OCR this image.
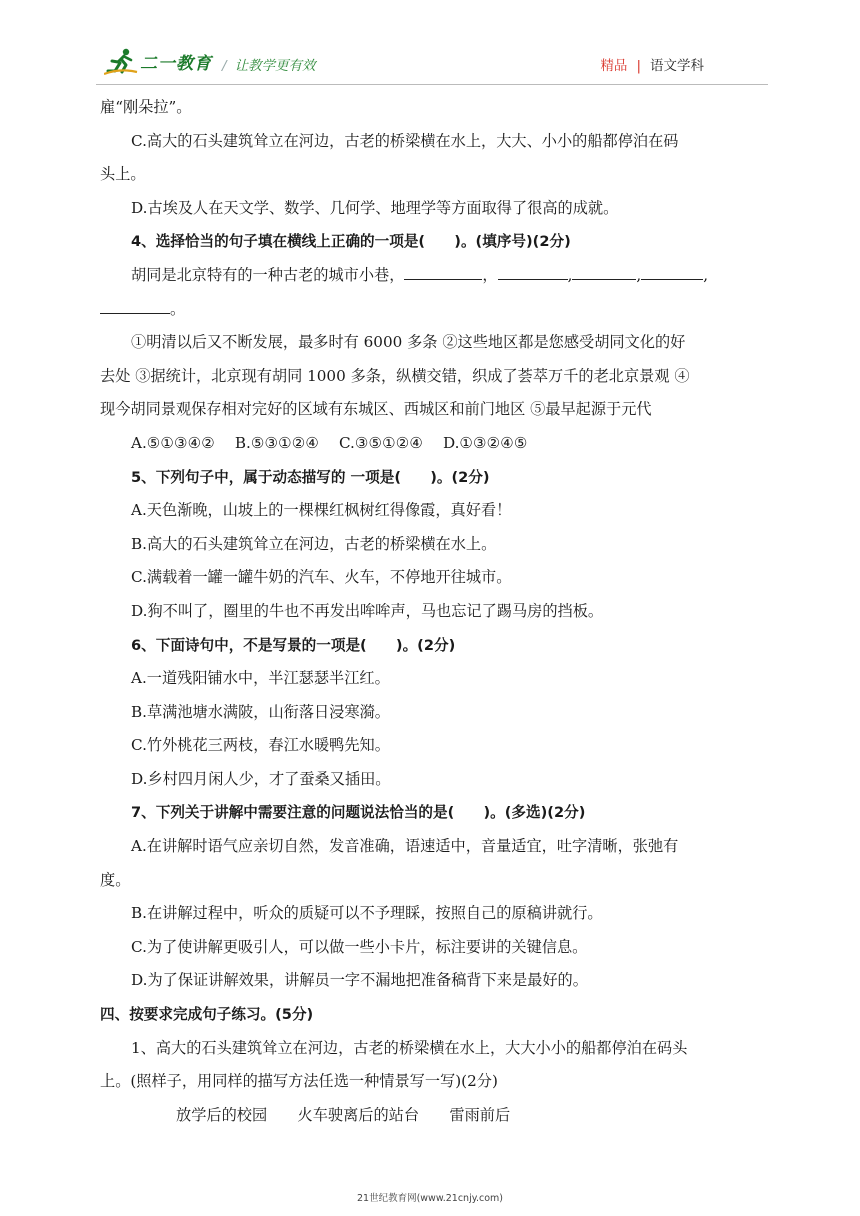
二一教育 / 让教学更有效	精品 | 语文学科
雇“刚朵拉”。
C.高大的石头建筑耸立在河边，古老的桥梁横在水上，大大、小小的船都停泊在码
头上。
D.古埃及人在天文学、数学、几何学、地理学等方面取得了很高的成就。
4、选择恰当的句子填在横线上正确的一项是(　　)。(填序号)(2分)
胡同是北京特有的一种古老的城市小巷，	，	,	,	,
。
①明清以后又不断发展，最多时有 6000 多条 ②这些地区都是您感受胡同文化的好
去处 ③据统计，北京现有胡同 1000 多条，纵横交错，织成了荟萃万千的老北京景观 ④
现今胡同景观保存相对完好的区域有东城区、西城区和前门地区 ⑤最早起源于元代
A.⑤①③④②　 B.⑤③①②④　 C.③⑤①②④　 D.①③②④⑤
5、下列句子中，属于动态描写的 一项是(　　)。(2分)
A.天色渐晚，山坡上的一棵棵红枫树红得像霞，真好看！
B.高大的石头建筑耸立在河边，古老的桥梁横在水上。
C.满载着一罐一罐牛奶的汽车、火车，不停地开往城市。
D.狗不叫了，圈里的牛也不再发出哞哞声，马也忘记了踢马房的挡板。
6、下面诗句中，不是写景的一项是(　　)。(2分)
A.一道残阳铺水中，半江瑟瑟半江红。
B.草满池塘水满陂，山衔落日浸寒漪。
C.竹外桃花三两枝，春江水暖鸭先知。
D.乡村四月闲人少，才了蚕桑又插田。
7、下列关于讲解中需要注意的问题说法恰当的是(　　)。(多选)(2分)
A.在讲解时语气应亲切自然，发音准确，语速适中，音量适宜，吐字清晰，张弛有
度。
B.在讲解过程中，听众的质疑可以不予理睬，按照自己的原稿讲就行。
C.为了使讲解更吸引人，可以做一些小卡片，标注要讲的关键信息。
D.为了保证讲解效果，讲解员一字不漏地把准备稿背下来是最好的。
四、按要求完成句子练习。(5分)
1、高大的石头建筑耸立在河边，古老的桥梁横在水上，大大小小的船都停泊在码头
上。(照样子，用同样的描写方法任选一种情景写一写)(2分)
放学后的校园　　火车驶离后的站台　　雷雨前后
21世纪教育网(www.21cnjy.com)
